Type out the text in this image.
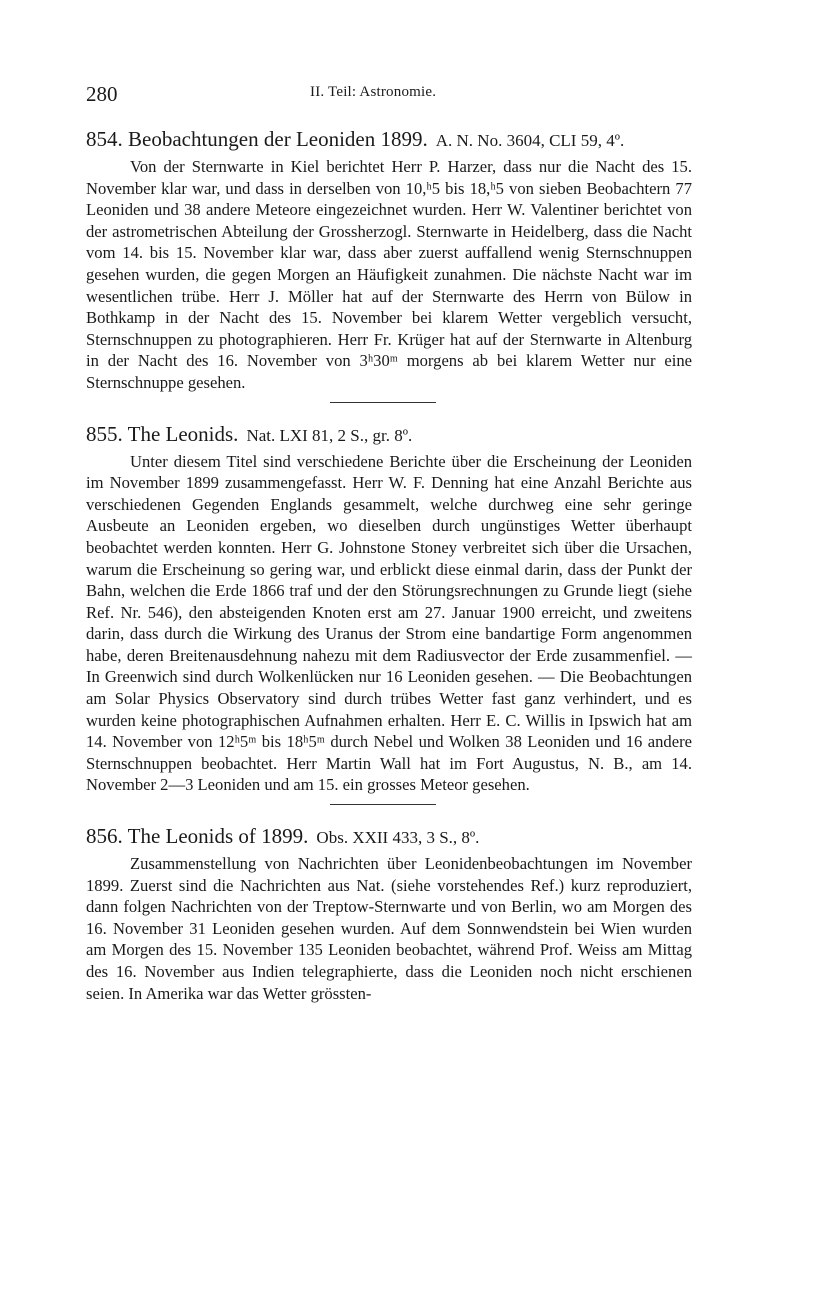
280	II. Teil: Astronomie.
854. Beobachtungen der Leoniden 1899. A. N. No. 3604, CLI 59, 4º.

Von der Sternwarte in Kiel berichtet Herr P. Harzer, dass nur die Nacht des 15. November klar war, und dass in derselben von 10,ʰ5 bis 18,ʰ5 von sieben Beobachtern 77 Leoniden und 38 andere Meteore eingezeichnet wurden. Herr W. Valentiner berichtet von der astrometrischen Abteilung der Grossherzogl. Sternwarte in Heidelberg, dass die Nacht vom 14. bis 15. November klar war, dass aber zuerst auffallend wenig Sternschnuppen gesehen wurden, die gegen Morgen an Häufigkeit zunahmen. Die nächste Nacht war im wesentlichen trübe. Herr J. Möller hat auf der Sternwarte des Herrn von Bülow in Bothkamp in der Nacht des 15. November bei klarem Wetter vergeblich versucht, Sternschnuppen zu photographieren. Herr Fr. Krüger hat auf der Sternwarte in Altenburg in der Nacht des 16. November von 3ʰ30ᵐ morgens ab bei klarem Wetter nur eine Sternschnuppe gesehen.

855. The Leonids. Nat. LXI 81, 2 S., gr. 8º.

Unter diesem Titel sind verschiedene Berichte über die Erscheinung der Leoniden im November 1899 zusammengefasst. Herr W. F. Denning hat eine Anzahl Berichte aus verschiedenen Gegenden Englands gesammelt, welche durchweg eine sehr geringe Ausbeute an Leoniden ergeben, wo dieselben durch ungünstiges Wetter überhaupt beobachtet werden konnten. Herr G. Johnstone Stoney verbreitet sich über die Ursachen, warum die Erscheinung so gering war, und erblickt diese einmal darin, dass der Punkt der Bahn, welchen die Erde 1866 traf und der den Störungsrechnungen zu Grunde liegt (siehe Ref. Nr. 546), den absteigenden Knoten erst am 27. Januar 1900 erreicht, und zweitens darin, dass durch die Wirkung des Uranus der Strom eine bandartige Form angenommen habe, deren Breitenausdehnung nahezu mit dem Radiusvector der Erde zusammenfiel. — In Greenwich sind durch Wolkenlücken nur 16 Leoniden gesehen. — Die Beobachtungen am Solar Physics Observatory sind durch trübes Wetter fast ganz verhindert, und es wurden keine photographischen Aufnahmen erhalten. Herr E. C. Willis in Ipswich hat am 14. November von 12ʰ5ᵐ bis 18ʰ5ᵐ durch Nebel und Wolken 38 Leoniden und 16 andere Sternschnuppen beobachtet. Herr Martin Wall hat im Fort Augustus, N. B., am 14. November 2—3 Leoniden und am 15. ein grosses Meteor gesehen.

856. The Leonids of 1899. Obs. XXII 433, 3 S., 8º.

Zusammenstellung von Nachrichten über Leonidenbeobachtungen im November 1899. Zuerst sind die Nachrichten aus Nat. (siehe vorstehendes Ref.) kurz reproduziert, dann folgen Nachrichten von der Treptow-Sternwarte und von Berlin, wo am Morgen des 16. November 31 Leoniden gesehen wurden. Auf dem Sonnwendstein bei Wien wurden am Morgen des 15. November 135 Leoniden beobachtet, während Prof. Weiss am Mittag des 16. November aus Indien telegraphierte, dass die Leoniden noch nicht erschienen seien. In Amerika war das Wetter grössten-
